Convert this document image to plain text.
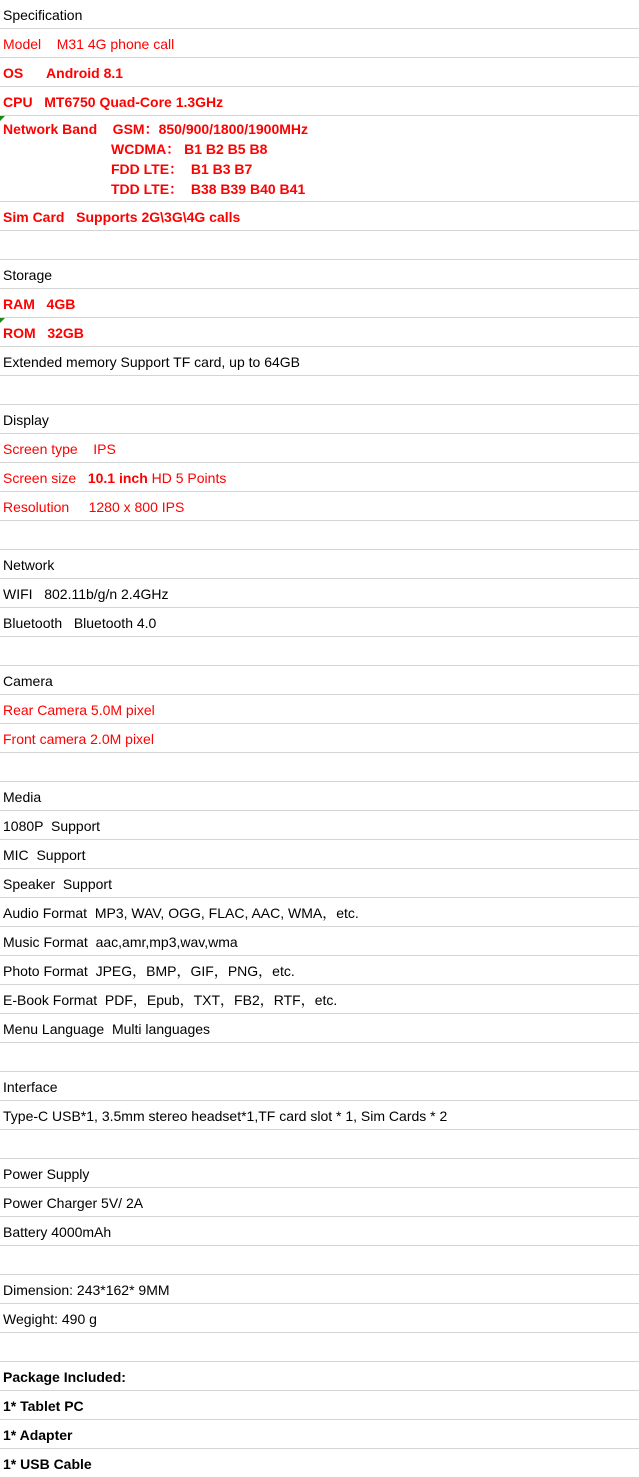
Specification
Model    M31 4G phone call
OS      Android 8.1
CPU   MT6750 Quad-Core 1.3GHz
Network Band    GSM：850/900/1800/1900MHz
WCDMA： B1 B2 B5 B8
FDD LTE：  B1 B3 B7
TDD LTE：  B38 B39 B40 B41
Sim Card   Supports 2G\3G\4G calls
Storage
RAM   4GB
ROM   32GB
Extended memory Support TF card, up to 64GB
Display
Screen type    IPS
Screen size   10.1 inch HD 5 Points
Resolution     1280 x 800 IPS
Network
WIFI   802.11b/g/n 2.4GHz
Bluetooth   Bluetooth 4.0
Camera
Rear Camera 5.0M pixel
Front camera 2.0M pixel
Media
1080P  Support
MIC  Support
Speaker  Support
Audio Format  MP3, WAV, OGG, FLAC, AAC, WMA，etc.
Music Format  aac,amr,mp3,wav,wma
Photo Format  JPEG，BMP，GIF，PNG，etc.
E-Book Format  PDF，Epub，TXT，FB2，RTF，etc.
Menu Language  Multi languages
Interface
Type-C USB*1, 3.5mm stereo headset*1,TF card slot * 1, Sim Cards * 2
Power Supply
Power Charger 5V/ 2A
Battery 4000mAh
Dimension: 243*162* 9MM
Wegight: 490 g
Package Included:
1* Tablet PC
1* Adapter
1* USB Cable
